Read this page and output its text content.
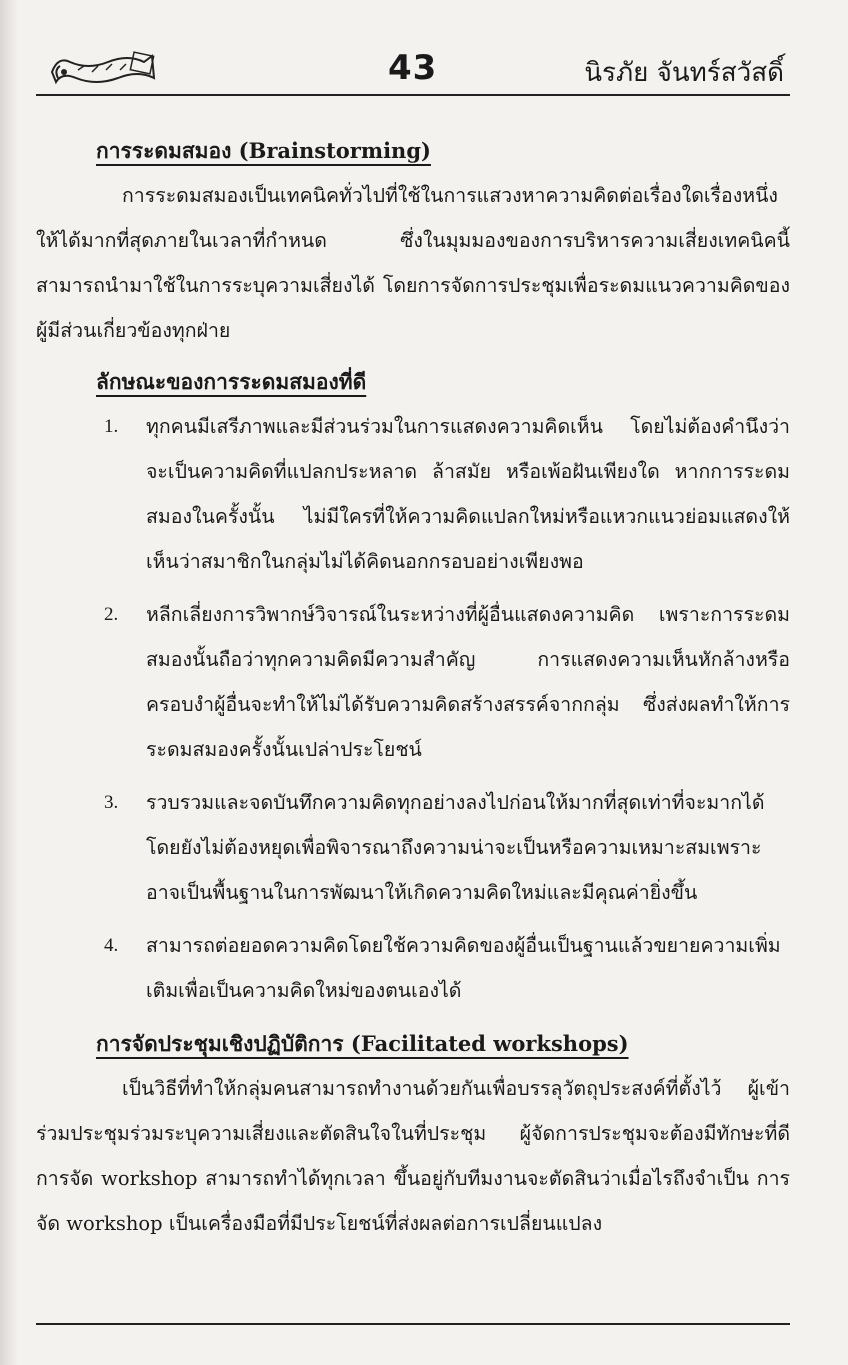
43	นิรภัย จันทร์สวัสดิ์
การระดมสมอง (Brainstorming)
การระดมสมองเป็นเทคนิคทั่วไปที่ใช้ในการแสวงหาความคิดต่อเรื่องใดเรื่องหนึ่งให้ได้มากที่สุดภายในเวลาที่กำหนด ซึ่งในมุมมองของการบริหารความเสี่ยงเทคนิคนี้สามารถนำมาใช้ในการระบุความเสี่ยงได้ โดยการจัดการประชุมเพื่อระดมแนวความคิดของผู้มีส่วนเกี่ยวข้องทุกฝ่าย
ลักษณะของการระดมสมองที่ดี
1. ทุกคนมีเสรีภาพและมีส่วนร่วมในการแสดงความคิดเห็น โดยไม่ต้องคำนึงว่าจะเป็นความคิดที่แปลกประหลาด ล้าสมัย หรือเพ้อฝันเพียงใด หากการระดมสมองในครั้งนั้น ไม่มีใครที่ให้ความคิดแปลกใหม่หรือแหวกแนวย่อมแสดงให้เห็นว่าสมาชิกในกลุ่มไม่ได้คิดนอกกรอบอย่างเพียงพอ
2. หลีกเลี่ยงการวิพากษ์วิจารณ์ในระหว่างที่ผู้อื่นแสดงความคิด เพราะการระดมสมองนั้นถือว่าทุกความคิดมีความสำคัญ การแสดงความเห็นหักล้างหรือครอบงำผู้อื่นจะทำให้ไม่ได้รับความคิดสร้างสรรค์จากกลุ่ม ซึ่งส่งผลทำให้การระดมสมองครั้งนั้นเปล่าประโยชน์
3. รวบรวมและจดบันทึกความคิดทุกอย่างลงไปก่อนให้มากที่สุดเท่าที่จะมากได้ โดยยังไม่ต้องหยุดเพื่อพิจารณาถึงความน่าจะเป็นหรือความเหมาะสมเพราะอาจเป็นพื้นฐานในการพัฒนาให้เกิดความคิดใหม่และมีคุณค่ายิ่งขึ้น
4. สามารถต่อยอดความคิดโดยใช้ความคิดของผู้อื่นเป็นฐานแล้วขยายความเพิ่มเติมเพื่อเป็นความคิดใหม่ของตนเองได้
การจัดประชุมเชิงปฏิบัติการ (Facilitated workshops)
เป็นวิธีที่ทำให้กลุ่มคนสามารถทำงานด้วยกันเพื่อบรรลุวัตถุประสงค์ที่ตั้งไว้ ผู้เข้าร่วมประชุมร่วมระบุความเสี่ยงและตัดสินใจในที่ประชุม ผู้จัดการประชุมจะต้องมีทักษะที่ดี การจัด workshop สามารถทำได้ทุกเวลา ขึ้นอยู่กับทีมงานจะตัดสินว่าเมื่อไรถึงจำเป็น การจัด workshop เป็นเครื่องมือที่มีประโยชน์ที่ส่งผลต่อการเปลี่ยนแปลง
